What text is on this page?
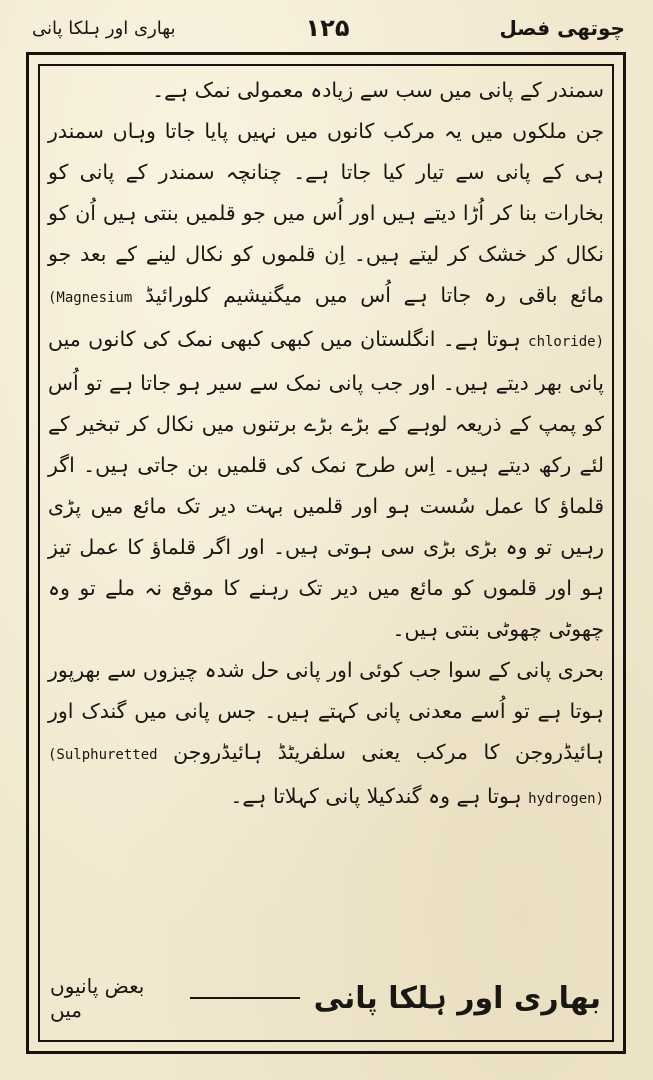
بھاری اور ہلکا پانی	۱۲۵	چوتھی فصل

سمندر کے پانی میں سب سے زیادہ معمولی نمک ہے۔

جن ملکوں میں یہ مرکب کانوں میں نہیں پایا جاتا وہاں سمندر ہی کے پانی سے تیار کیا جاتا ہے۔ چنانچہ سمندر کے پانی کو بخارات بنا کر اُڑا دیتے ہیں اور اُس میں جو قلمیں بنتی ہیں اُن کو نکال کر خشک کر لیتے ہیں۔ اِن قلموں کو نکال لینے کے بعد جو مائع باقی رہ جاتا ہے اُس میں میگنیشیم کلورائیڈ (Magnesium chloride) ہوتا ہے۔ انگلستان میں کبھی کبھی نمک کی کانوں میں پانی بھر دیتے ہیں۔ اور جب پانی نمک سے سیر ہو جاتا ہے تو اُس کو پمپ کے ذریعہ لوہے کے بڑے بڑے برتنوں میں نکال کر تبخیر کے لئے رکھ دیتے ہیں۔ اِس طرح نمک کی قلمیں بن جاتی ہیں۔ اگر قلماؤ کا عمل سُست ہو اور قلمیں بہت دیر تک مائع میں پڑی رہیں تو وہ بڑی بڑی سی ہوتی ہیں۔ اور اگر قلماؤ کا عمل تیز ہو اور قلموں کو مائع میں دیر تک رہنے کا موقع نہ ملے تو وہ چھوٹی چھوٹی بنتی ہیں۔

بحری پانی کے سوا جب کوئی اور پانی حل شدہ چیزوں سے بھرپور ہوتا ہے تو اُسے معدنی پانی کہتے ہیں۔ جس پانی میں گندک اور ہائیڈروجن کا مرکب یعنی سلفریٹڈ ہائیڈروجن (Sulphuretted hydrogen) ہوتا ہے وہ گندکیلا پانی کہلاتا ہے۔

بھاری اور ہلکا پانی
بعض پانیوں میں
